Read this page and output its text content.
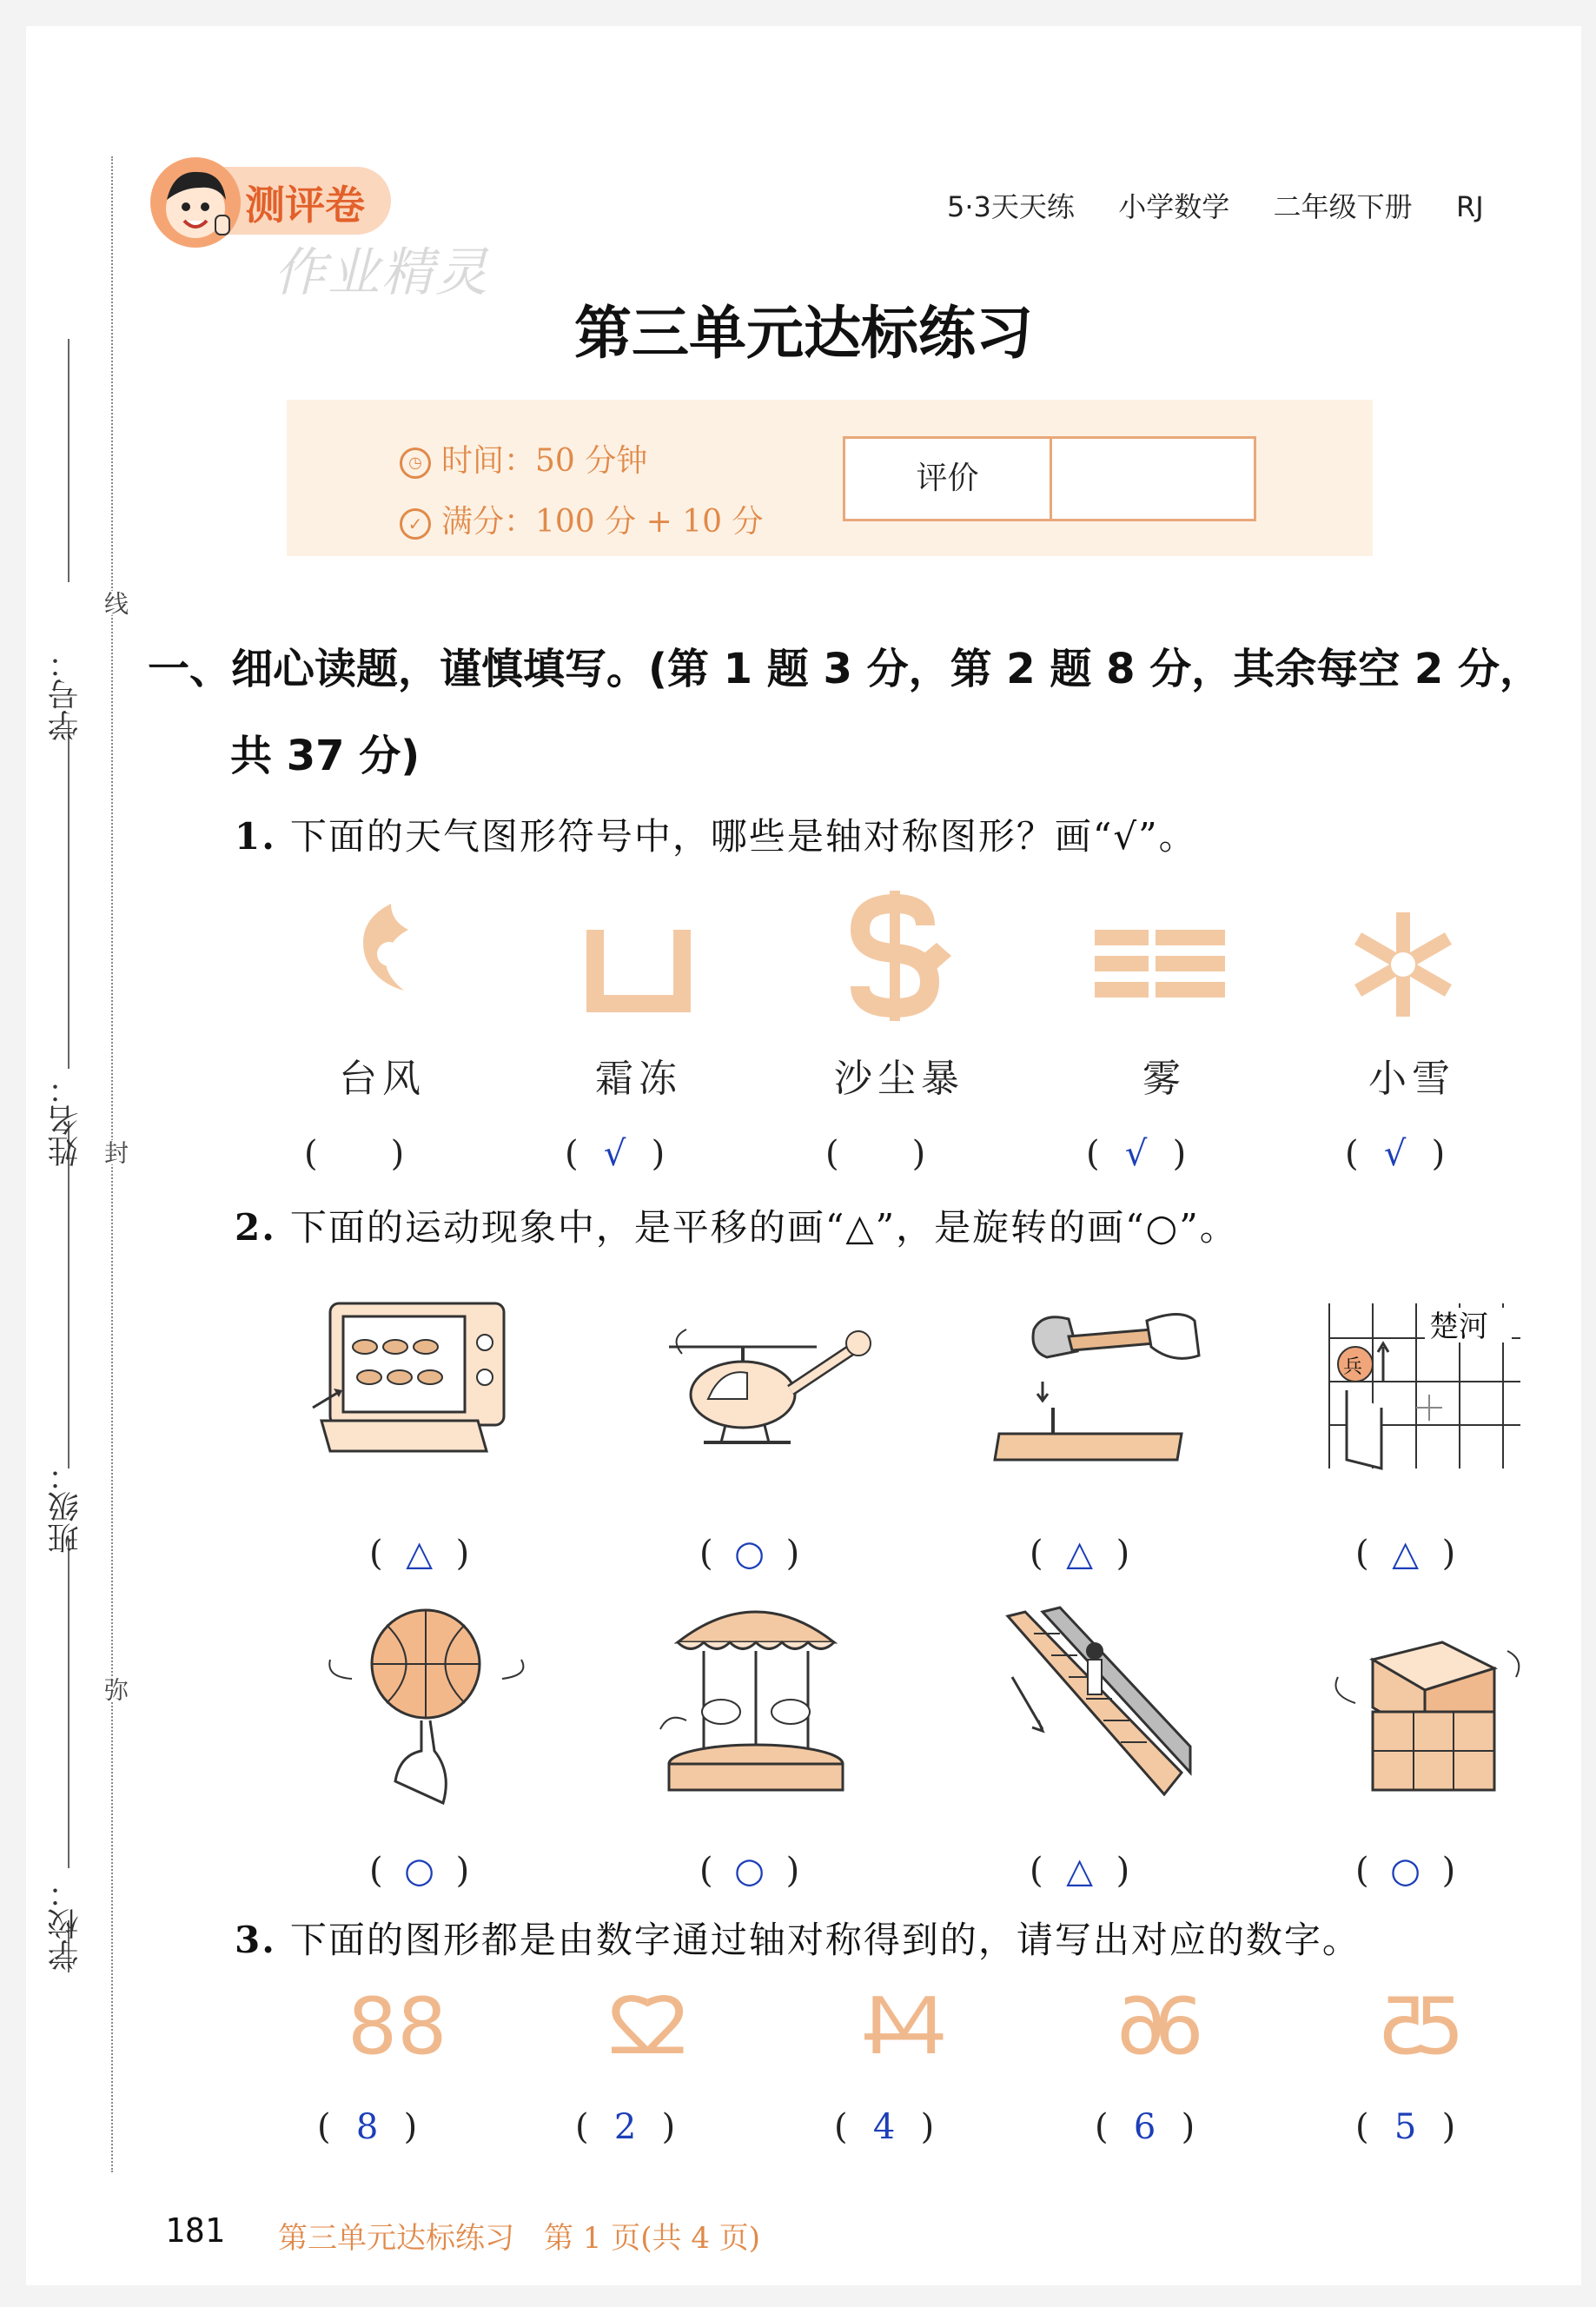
学校：
班级：
姓名：
学号：
线
封
弥
测评卷
作业精灵
5·3天天练 小学数学 二年级下册 RJ
第三单元达标练习
◷ 时间：50 分钟
✓ 满分：100 分 + 10 分
评价
一、细心读题，谨慎填写。(第 1 题 3 分，第 2 题 8 分，其余每空 2 分，
共 37 分)
1. 下面的天气图形符号中，哪些是轴对称图形？画“√”。
台风	霜冻	沙尘暴	雾	小雪
( )	( √ )	( )	( √ )	( √ )
2. 下面的运动现象中，是平移的画“△”，是旋转的画“○”。
楚河
兵
( △ )	( ○ )	( △ )	( △ )
( ○ )	( ○ )	( △ )	( ○ )
3. 下面的图形都是由数字通过轴对称得到的，请写出对应的数字。
88 22 44 66 55
( 8 )	( 2 )	( 4 )	( 6 )	( 5 )
181 第三单元达标练习　第 1 页(共 4 页)
